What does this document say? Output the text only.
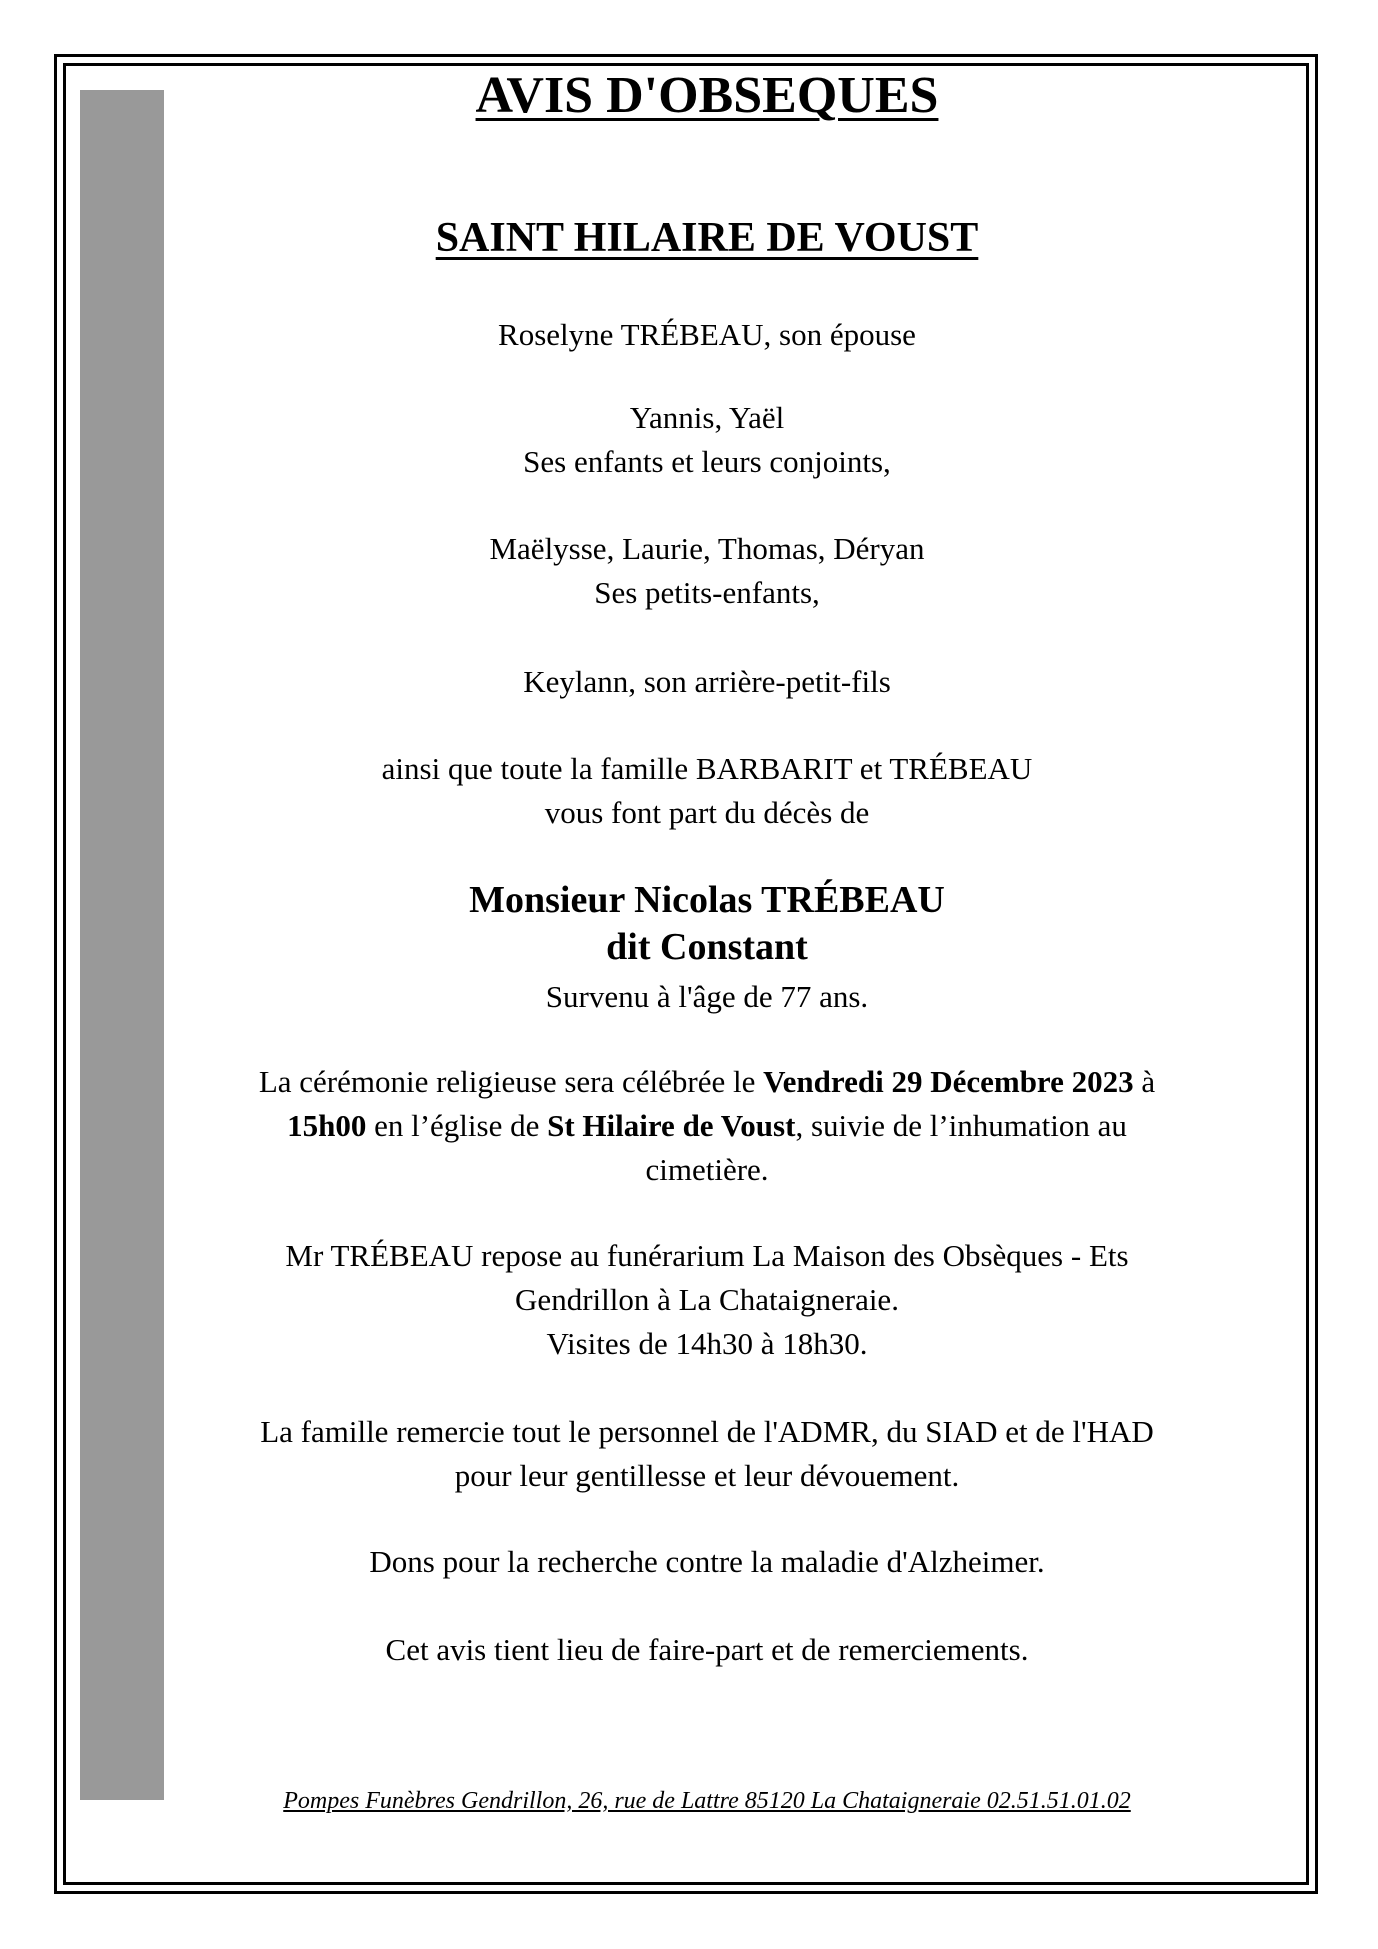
AVIS D'OBSEQUES
SAINT HILAIRE DE VOUST
Roselyne TRÉBEAU, son épouse
Yannis, Yaël
Ses enfants et leurs conjoints,
Maëlysse, Laurie, Thomas, Déryan
Ses petits-enfants,
Keylann, son arrière-petit-fils
ainsi que toute la famille BARBARIT et TRÉBEAU
vous font part du décès de
Monsieur Nicolas TRÉBEAU
dit Constant
Survenu à l'âge de 77 ans.
La cérémonie religieuse sera célébrée le Vendredi 29 Décembre 2023 à
15h00 en l’église de St Hilaire de Voust, suivie de l’inhumation au
cimetière.
Mr TRÉBEAU repose au funérarium La Maison des Obsèques - Ets
Gendrillon à La Chataigneraie.
Visites de 14h30 à 18h30.
La famille remercie tout le personnel de l'ADMR, du SIAD et de l'HAD
pour leur gentillesse et leur dévouement.
Dons pour la recherche contre la maladie d'Alzheimer.
Cet avis tient lieu de faire-part et de remerciements.
Pompes Funèbres Gendrillon, 26, rue de Lattre 85120 La Chataigneraie 02.51.51.01.02
